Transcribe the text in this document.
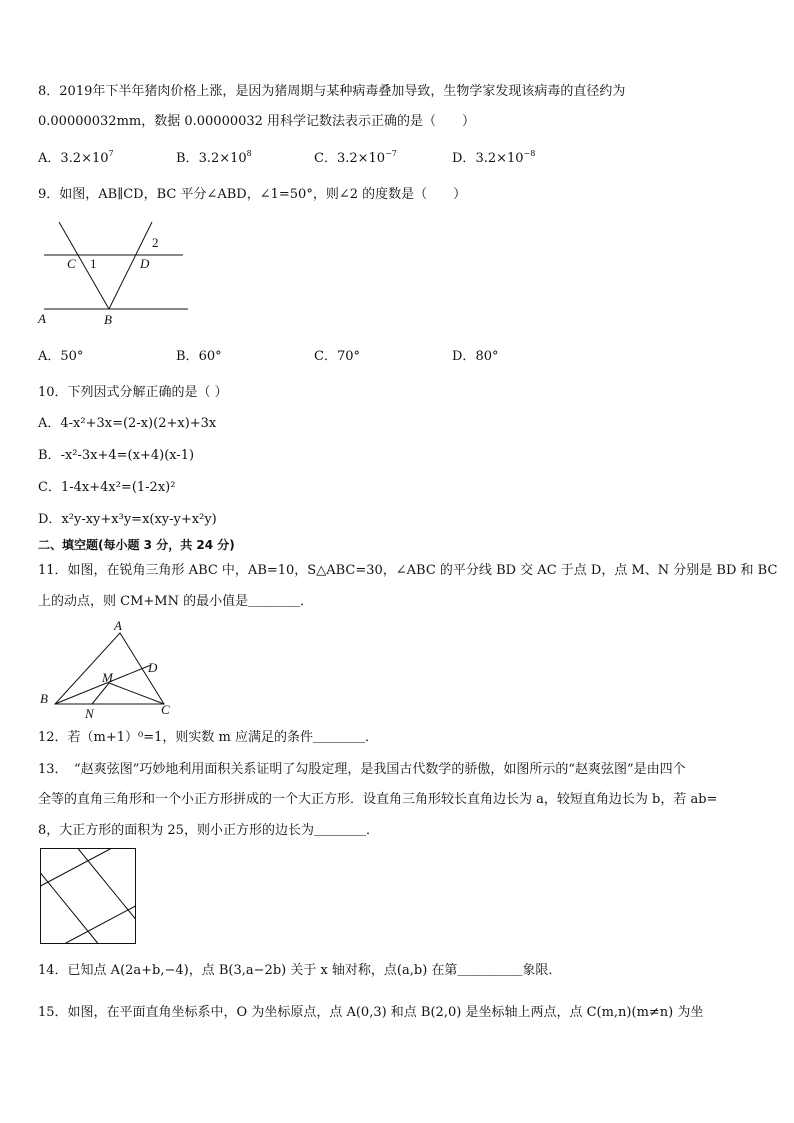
8．2019年下半年猪肉价格上涨，是因为猪周期与某种病毒叠加导致，生物学家发现该病毒的直径约为
0.00000032mm，数据 0.00000032 用科学记数法表示正确的是（　　）
A．$3.2\times 10^7$	B．$3.2\times 10^8$	C．$3.2\times 10^{-7}$	D．$3.2\times 10^{-8}$
9．如图，AB∥CD，BC 平分∠ABD，∠1=50°，则∠2 的度数是（　　）
C 1	D
2
A	B
A．50°	B．60°	C．70°	D．80°
10．下列因式分解正确的是（ ）
A．4-x²+3x=(2-x)(2+x)+3x
B．-x²-3x+4=(x+4)(x-1)
C．1-4x+4x²=(1-2x)²
D．x²y-xy+x³y=x(xy-y+x²y)
二、填空题(每小题 3 分，共 24 分)
11．如图，在锐角三角形 ABC 中，AB=10，S△ABC=30，∠ABC 的平分线 BD 交 AC 于点 D，点 M、N 分别是 BD 和 BC
上的动点，则 CM+MN 的最小值是＿＿＿＿．
A
B
C
D
M
N
12．若（m+1）⁰=1，则实数 m 应满足的条件＿＿＿＿．
13．　“赵爽弦图”巧妙地利用面积关系证明了勾股定理，是我国古代数学的骄傲，如图所示的“赵爽弦图”是由四个
全等的直角三角形和一个小正方形拼成的一个大正方形．设直角三角形较长直角边长为 a，较短直角边长为 b，若 ab=
8，大正方形的面积为 25，则小正方形的边长为＿＿＿＿．
14．已知点 A(2a+b,−4)，点 B(3,a−2b) 关于 x 轴对称，点(a,b) 在第＿＿＿＿＿象限．
15．如图，在平面直角坐标系中，O 为坐标原点，点 A(0,3) 和点 B(2,0) 是坐标轴上两点，点 C(m,n)(m≠n) 为坐
